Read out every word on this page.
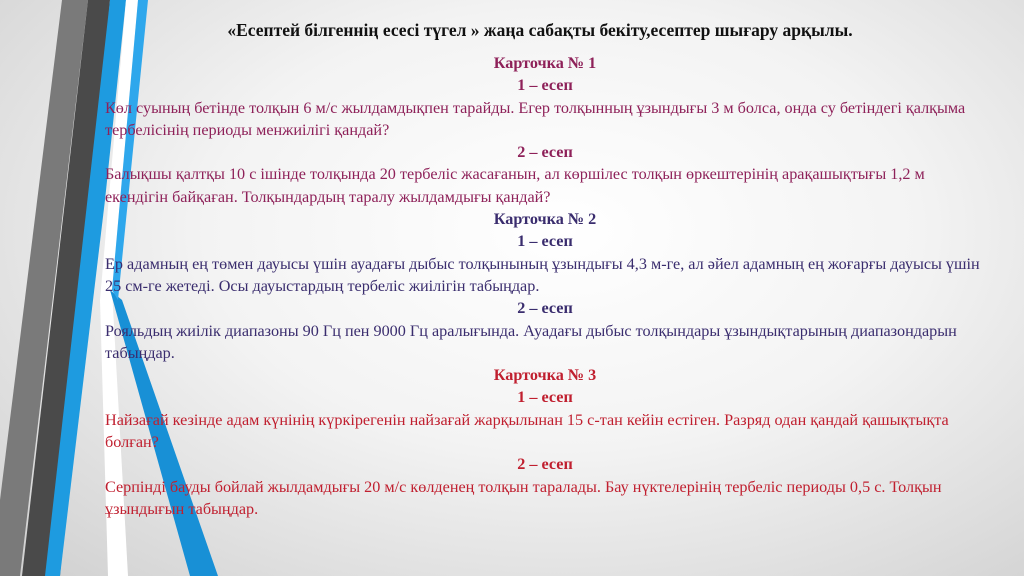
«Есептей білгеннің есесі түгел » жаңа сабақты бекіту,есептер шығару арқылы.
Карточка № 1
1 – есеп

Көл суының бетінде толқын 6 м/с жылдамдықпен тарайды. Егер толқынның ұзындығы 3 м болса, онда су бетіндегі қалқыма тербелісінің периоды менжиілігі қандай?

2 – есеп

Балықшы қалтқы 10 с ішінде толқында 20 тербеліс жасағанын, ал көршілес толқын өркештерінің арақашықтығы 1,2 м екендігін байқаған. Толқындардың таралу жылдамдығы қандай?

Карточка № 2
1 – есеп

Ер адамның ең төмен дауысы үшін ауадағы дыбыс толқынының ұзындығы 4,3 м-ге, ал әйел адамның ең жоғарғы дауысы үшін 25 см-ге жетеді. Осы дауыстардың тербеліс жиілігін табыңдар.

2 – есеп

Рояльдың жиілік диапазоны 90 Гц пен 9000 Гц аралығында. Ауадағы дыбыс толқындары ұзындықтарының диапазондарын табыңдар.

Карточка № 3
1 – есеп

Найзағай кезінде адам күнінің күркірегенін найзағай жарқылынан 15 с-тан кейін естіген. Разряд одан қандай қашықтықта болған?

2 – есеп

Серпінді бауды бойлай жылдамдығы 20 м/с көлденең толқын таралады. Бау нүктелерінің тербеліс периоды 0,5 с. Толқын ұзындығын табыңдар.
